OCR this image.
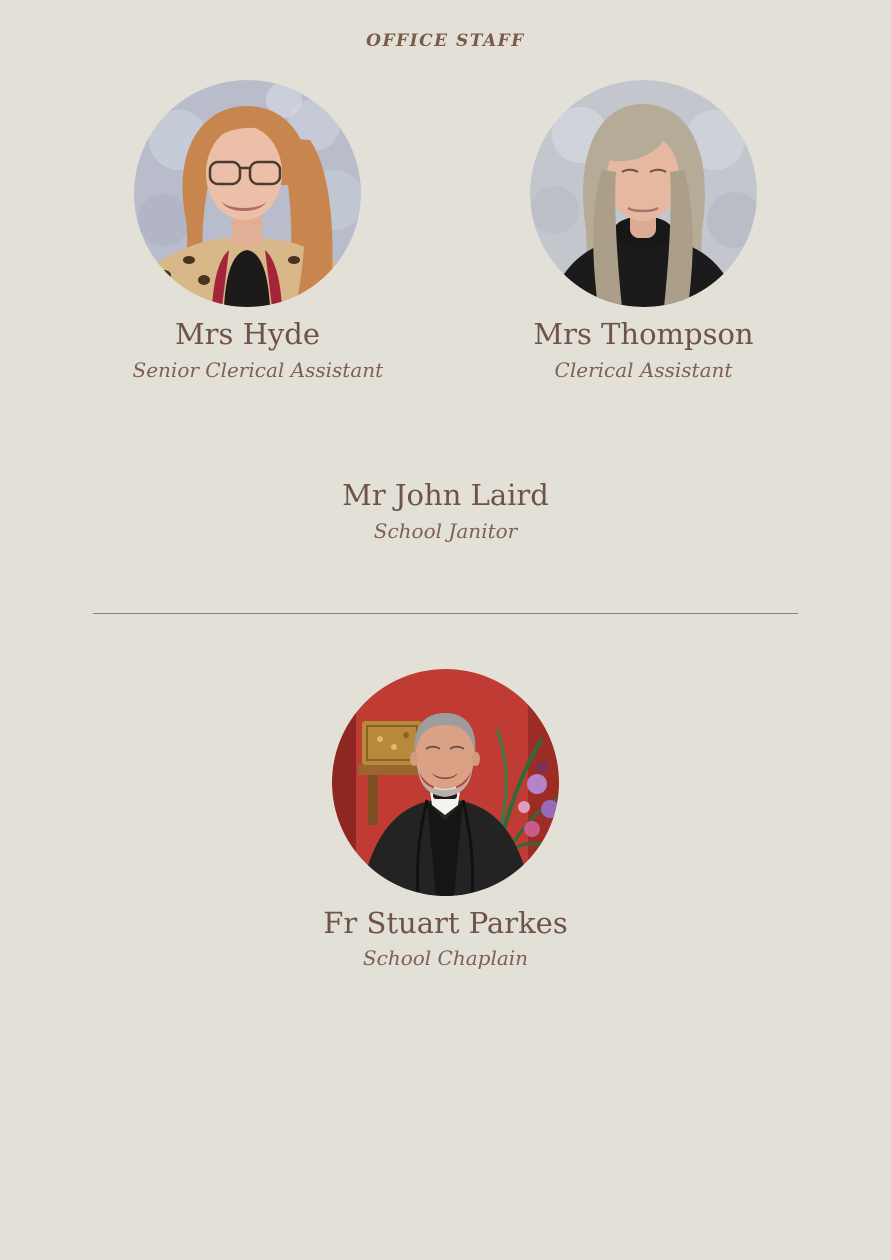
OFFICE STAFF
Mrs Hyde

Senior Clerical Assistant

Mrs Thompson

Clerical Assistant

Mr John Laird

School Janitor

Fr Stuart Parkes

School Chaplain
